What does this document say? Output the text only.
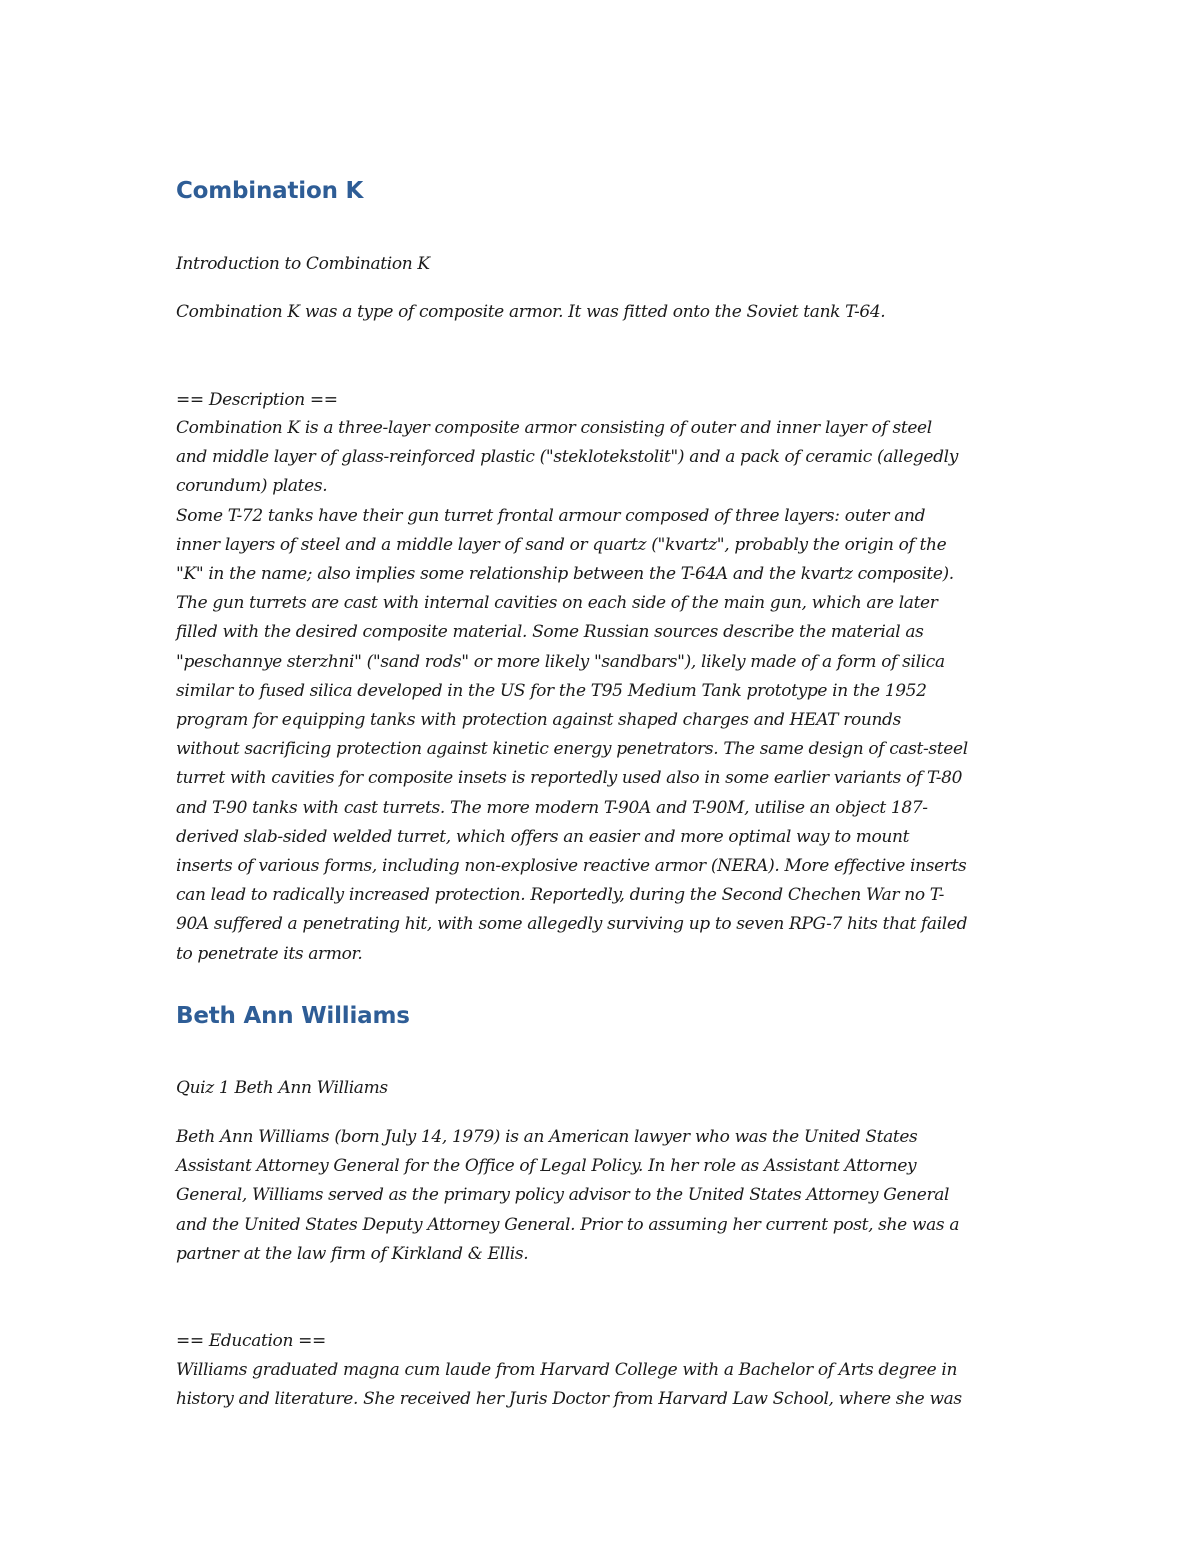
Combination K

Introduction to Combination K

Combination K was a type of composite armor. It was fitted onto the Soviet tank T-64.

== Description ==

Combination K is a three-layer composite armor consisting of outer and inner layer of steel
and middle layer of glass-reinforced plastic ("steklotekstolit") and a pack of ceramic (allegedly
corundum) plates.
Some T-72 tanks have their gun turret frontal armour composed of three layers: outer and
inner layers of steel and a middle layer of sand or quartz ("kvartz", probably the origin of the
"K" in the name; also implies some relationship between the T-64A and the kvartz composite).
The gun turrets are cast with internal cavities on each side of the main gun, which are later
filled with the desired composite material. Some Russian sources describe the material as
"peschannye sterzhni" ("sand rods" or more likely "sandbars"), likely made of a form of silica
similar to fused silica developed in the US for the T95 Medium Tank prototype in the 1952
program for equipping tanks with protection against shaped charges and HEAT rounds
without sacrificing protection against kinetic energy penetrators. The same design of cast-steel
turret with cavities for composite insets is reportedly used also in some earlier variants of T-80
and T-90 tanks with cast turrets. The more modern T-90A and T-90M, utilise an object 187-
derived slab-sided welded turret, which offers an easier and more optimal way to mount
inserts of various forms, including non-explosive reactive armor (NERA). More effective inserts
can lead to radically increased protection. Reportedly, during the Second Chechen War no T-
90A suffered a penetrating hit, with some allegedly surviving up to seven RPG-7 hits that failed
to penetrate its armor.
Beth Ann Williams

Quiz 1 Beth Ann Williams

Beth Ann Williams (born July 14, 1979) is an American lawyer who was the United States
Assistant Attorney General for the Office of Legal Policy. In her role as Assistant Attorney
General, Williams served as the primary policy advisor to the United States Attorney General
and the United States Deputy Attorney General. Prior to assuming her current post, she was a
partner at the law firm of Kirkland & Ellis.

== Education ==

Williams graduated magna cum laude from Harvard College with a Bachelor of Arts degree in
history and literature. She received her Juris Doctor from Harvard Law School, where she was
